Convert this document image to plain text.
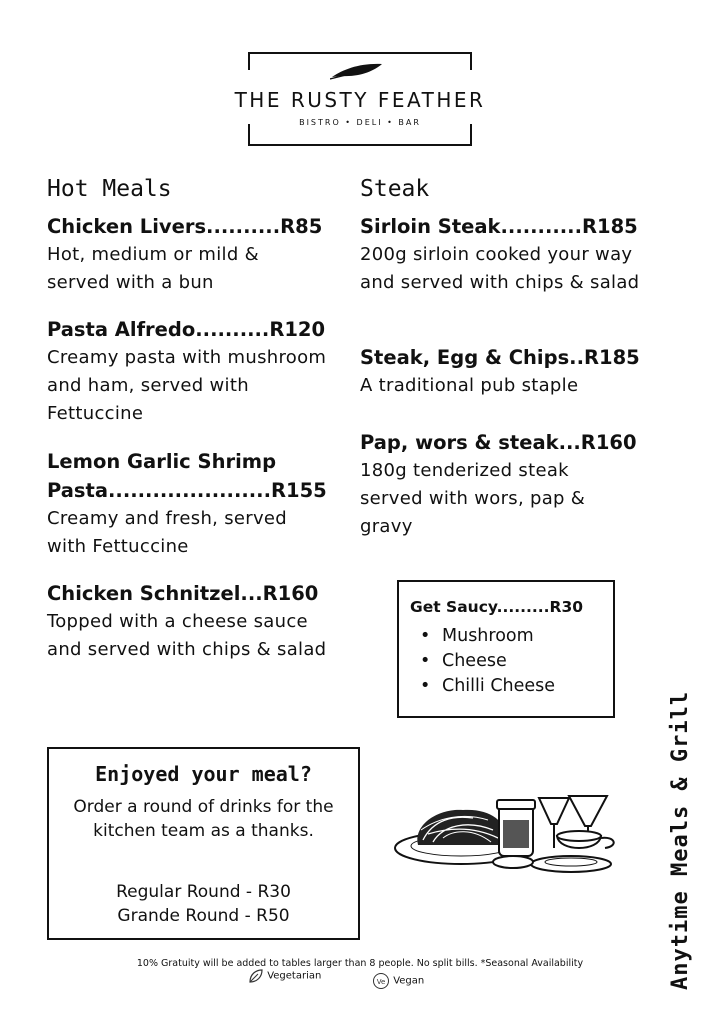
THE RUSTY FEATHER
BISTRO • DELI • BAR
Hot Meals
Chicken Livers..........R85
Hot, medium or mild & served with a bun
Pasta Alfredo..........R120
Creamy pasta with mushroom and ham, served with Fettuccine
Lemon Garlic Shrimp
Pasta......................R155
Creamy and fresh, served with Fettuccine
Chicken Schnitzel...R160
Topped with a cheese sauce and served with chips & salad
Steak
Sirloin Steak...........R185
200g sirloin cooked your way and served with chips & salad
Steak, Egg & Chips..R185
A traditional pub staple
Pap, wors & steak...R160
180g tenderized steak served with wors, pap & gravy
Get Saucy.........R30
• Mushroom
• Cheese
• Chilli Cheese
Enjoyed your meal?
Order a round of drinks for the kitchen team as a thanks.
Regular Round - R30
Grande Round - R50	Anytime Meals & Grill
10% Gratuity will be added to tables larger than 8 people. No split bills. *Seasonal Availability
Vegetarian
Ve Vegan
